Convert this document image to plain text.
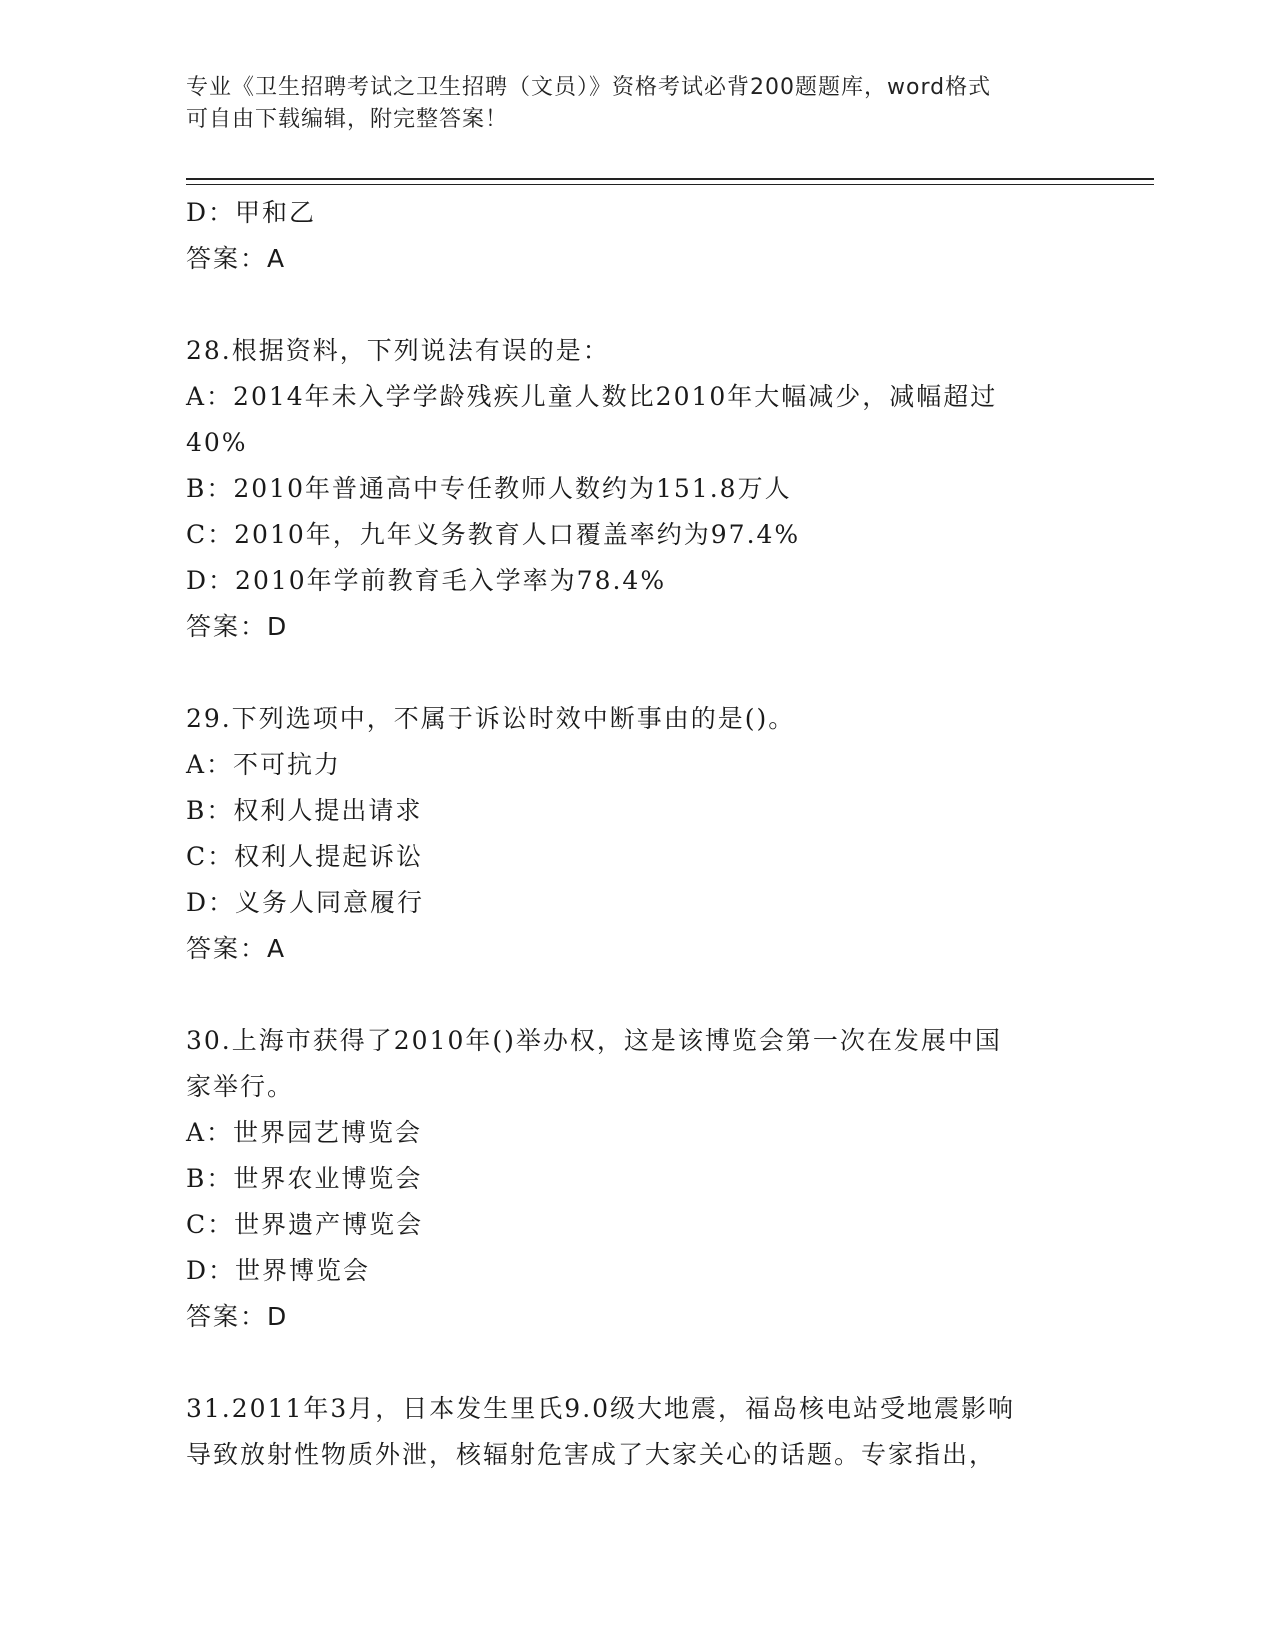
专业《卫生招聘考试之卫生招聘（文员）》资格考试必背200题题库，word格式
可自由下载编辑，附完整答案！
D：甲和乙
答案：A
28.根据资料，下列说法有误的是：
A：2014年未入学学龄残疾儿童人数比2010年大幅减少，减幅超过
40%
B：2010年普通高中专任教师人数约为151.8万人
C：2010年，九年义务教育人口覆盖率约为97.4%
D：2010年学前教育毛入学率为78.4%
答案：D
29.下列选项中，不属于诉讼时效中断事由的是()。
A：不可抗力
B：权利人提出请求
C：权利人提起诉讼
D：义务人同意履行
答案：A
30.上海市获得了2010年()举办权，这是该博览会第一次在发展中国
家举行。
A：世界园艺博览会
B：世界农业博览会
C：世界遗产博览会
D：世界博览会
答案：D
31.2011年3月，日本发生里氏9.0级大地震，福岛核电站受地震影响
导致放射性物质外泄，核辐射危害成了大家关心的话题。专家指出，
